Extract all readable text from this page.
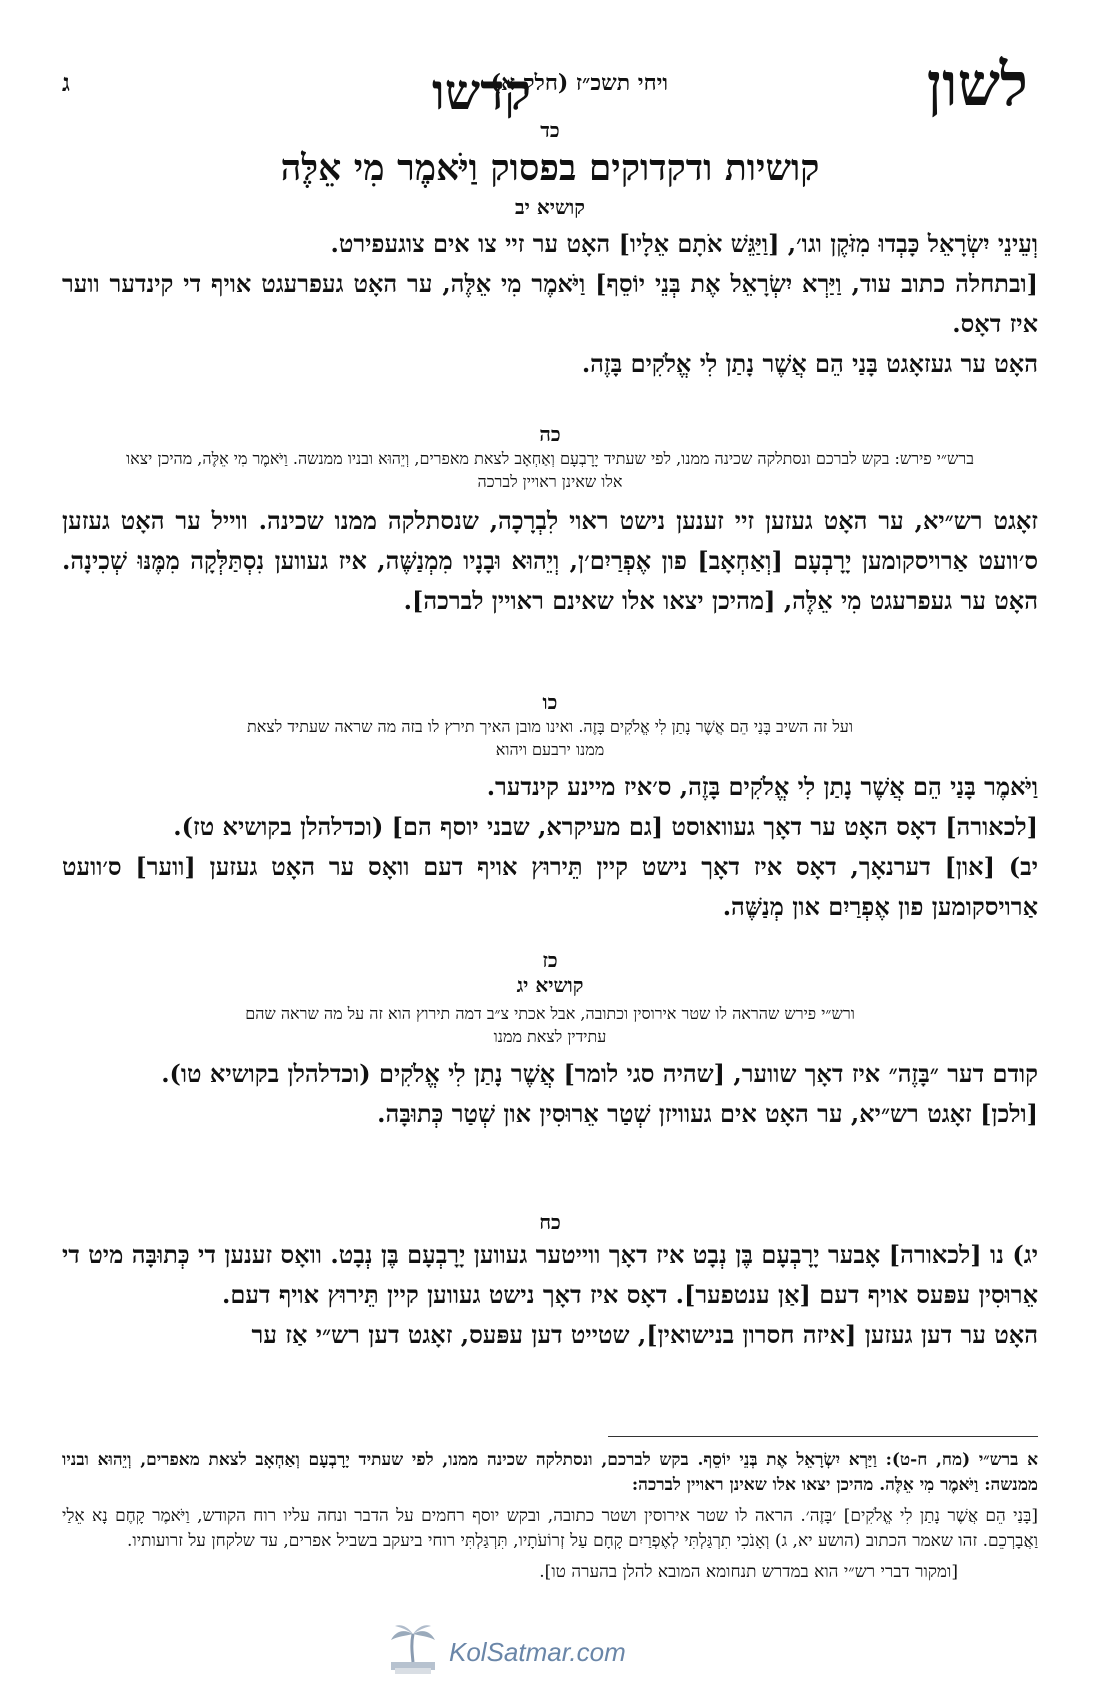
לשון
קדשו
ויחי תשכ״ז (חלק א)
ג

כד

קושיות ודקדוקים בפסוק וַיֹּאמֶר מִי אֵלֶּה

קושיא יב

וְעֵינֵי יִשְׂרָאֵל כָּבְדוּ מִזֹּקֶן וגו׳, [וַיַּגֵּשׁ אֹתָם אֵלָיו] האָט ער זיי צו אים צוגעפירט.

[ובתחלה כתוב עוד, וַיַּרְא יִשְׂרָאֵל אֶת בְּנֵי יוֹסֵף] וַיֹּאמֶר מִי אֵלֶּה, ער האָט געפרעגט אויף די קינדער ווער איז דאָס.

האָט ער געזאָגט בָּנַי הֵם אֲשֶׁר נָתַן לִי אֱלֹקִים בָּזֶה.

כה

ברש״י פירש: בקש לברכם ונסתלקה שכינה ממנו, לפי שעתיד יָרָבְעָם וְאַחְאָב לצאת מאפרים, וְיֵהוּא ובניו ממנשה. וַיֹּאמֶר מִי אֵלֶּה, מהיכן יצאו אלו שאינן ראויין לברכה

זאָגט רש״יא, ער האָט געזען זיי זענען נישט ראוי לִבְרָכָה, שנסתלקה ממנו שכינה. ווייל ער האָט געזען ס׳וועט אַרויסקומען יָרָבְעָם [וְאַחְאָב] פון אֶפְרַיִם׳ן, וְיֵהוּא וּבָנָיו מִמְנַשֶּׁה, איז געווען נִסְתַּלְּקָה מִמֶּנּוּ שְׁכִינָה. האָט ער געפרעגט מִי אֵלֶּה, [מהיכן יצאו אלו שאינם ראויין לברכה].

כו

ועל זה השיב בָּנַי הֵם אֲשֶׁר נָתַן לִי אֱלֹקִים בָּזֶה. ואינו מובן האיך תירץ לו בזה מה שראה שעתיד לצאת ממנו ירבעם ויהוא

וַיֹּאמֶר בָּנַי הֵם אֲשֶׁר נָתַן לִי אֱלֹקִים בָּזֶה, ס׳איז מיינע קינדער.

[לכאורה] דאָס האָט ער דאָך געוואוסט [גם מעיקרא, שבני יוסף הם] (וכדלהלן בקושיא טז).

יב) [און] דערנאָך, דאָס איז דאָך נישט קיין תֵּירוּץ אויף דעם וואָס ער האָט געזען [ווער] ס׳וועט אַרויסקומען פון אֶפְרַיִם און מְנַשֶּׁה.

כז

קושיא יג

ורש״י פירש שהראה לו שטר אירוסין וכתובה, אבל אכתי צ״ב דמה תירוץ הוא זה על מה שראה שהם עתידין לצאת ממנו

קודם דער ״בָּזֶה״ איז דאָך שווער, [שהיה סגי לומר] אֲשֶׁר נָתַן לִי אֱלֹקִים (וכדלהלן בקושיא טו).

[ולכן] זאָגט רש״יא, ער האָט אים געוויזן שְׁטַר אֵרוּסִין און שְׁטַר כְּתוּבָּה.

כח

יג) נו [לכאורה] אָבער יָרָבְעָם בֶּן נְבָט איז דאָך ווייטער געווען יָרָבְעָם בֶּן נְבָט. וואָס זענען די כְּתוּבָּה מיט די אֵרוּסִין עפּעס אויף דעם [אַן ענטפער]. דאָס איז דאָך נישט געווען קיין תֵּירוּץ אויף דעם.

האָט ער דען געזען [איזה חסרון בנישואין], שטייט דען עפּעס, זאָגט דען רש״י אַז ער

א ברש״י (מח, ח-ט): וַיַּרְא יִשְׂרָאֵל אֶת בְּנֵי יוֹסֵף. בקש לברכם, ונסתלקה שכינה ממנו, לפי שעתיד יָרָבְעָם וְאַחְאָב לצאת מאפרים, וְיֵהוּא ובניו ממנשה: וַיֹּאמֶר מִי אֵלֶּה. מהיכן יצאו אלו שאינן ראויין לברכה:

[בָּנַי הֵם אֲשֶׁר נָתַן לִי אֱלֹקִים] ׳בָּזֶה׳. הראה לו שטר אירוסין ושטר כתובה, ובקש יוסף רחמים על הדבר ונחה עליו רוח הקודש, וַיֹּאמֶר קָחֶם נָא אֵלַי וַאֲבָרְכֵם. זהו שאמר הכתוב (הושע יא, ג) וְאָנֹכִי תִרְגַּלְתִּי לְאֶפְרַיִם קָחָם עַל זְרוֹעֹתָיו, תִּרְגַּלְתִּי רוחי ביעקב בשביל אפרים, עד שלקחן על זרועותיו.

[ומקור דברי רש״י הוא במדרש תנחומא המובא להלן בהערה טו].

KolSatmar.com
